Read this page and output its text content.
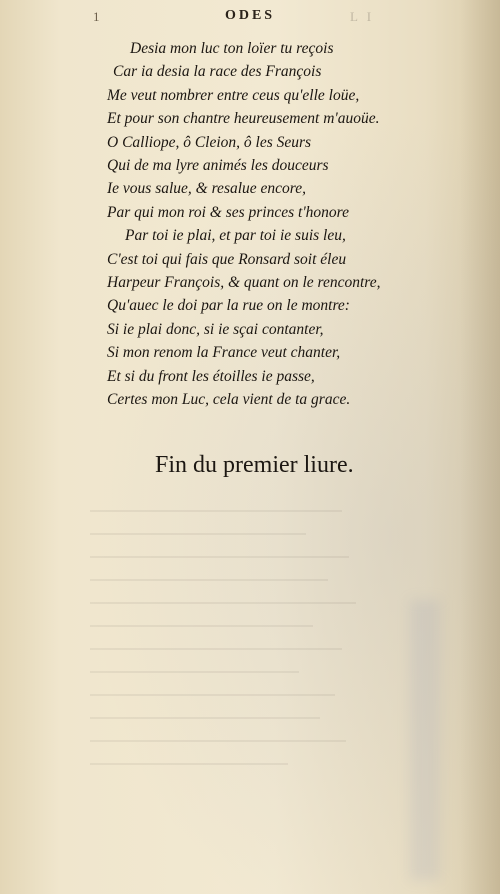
1	ODES	L I
Desia mon luc ton loïer tu reçois
Car ia desia la race des François
Me veut nombrer entre ceus qu'elle loüe,
Et pour son chantre heureusement m'auoüe.
O Calliope, ô Cleion, ô les Seurs
Qui de ma lyre animés les douceurs
Ie vous salue, & resalue encore,
Par qui mon roi & ses princes t'honore
Par toi ie plai, et par toi ie suis leu,
C'est toi qui fais que Ronsard soit éleu
Harpeur François, & quant on le rencontre,
Qu'auec le doi par la rue on le montre:
Si ie plai donc, si ie sçai contanter,
Si mon renom la France veut chanter,
Et si du front les étoilles ie passe,
Certes mon Luc, cela vient de ta grace.
Fin du premier liure.
